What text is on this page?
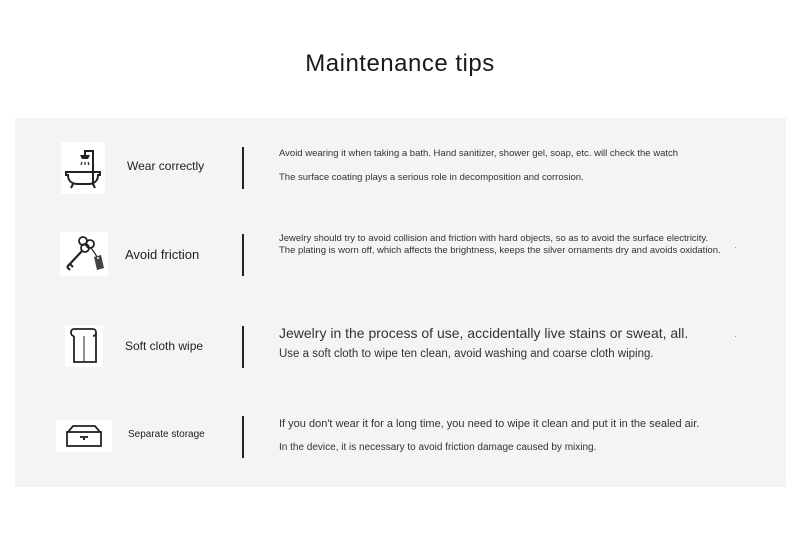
Maintenance tips
Wear correctly

Avoid wearing it when taking a bath. Hand sanitizer, shower gel, soap, etc. will check the watch

The surface coating plays a serious role in decomposition and corrosion.

Avoid friction

Jewelry should try to avoid collision and friction with hard objects, so as to avoid the surface electricity.

The plating is worn off, which affects the brightness, keeps the silver ornaments dry and avoids oxidation.

Soft cloth wipe

Jewelry in the process of use, accidentally live stains or sweat, all.

Use a soft cloth to wipe ten clean, avoid washing and coarse cloth wiping.

Separate storage

If you don't wear it for a long time, you need to wipe it clean and put it in the sealed air.

In the device, it is necessary to avoid friction damage caused by mixing.
